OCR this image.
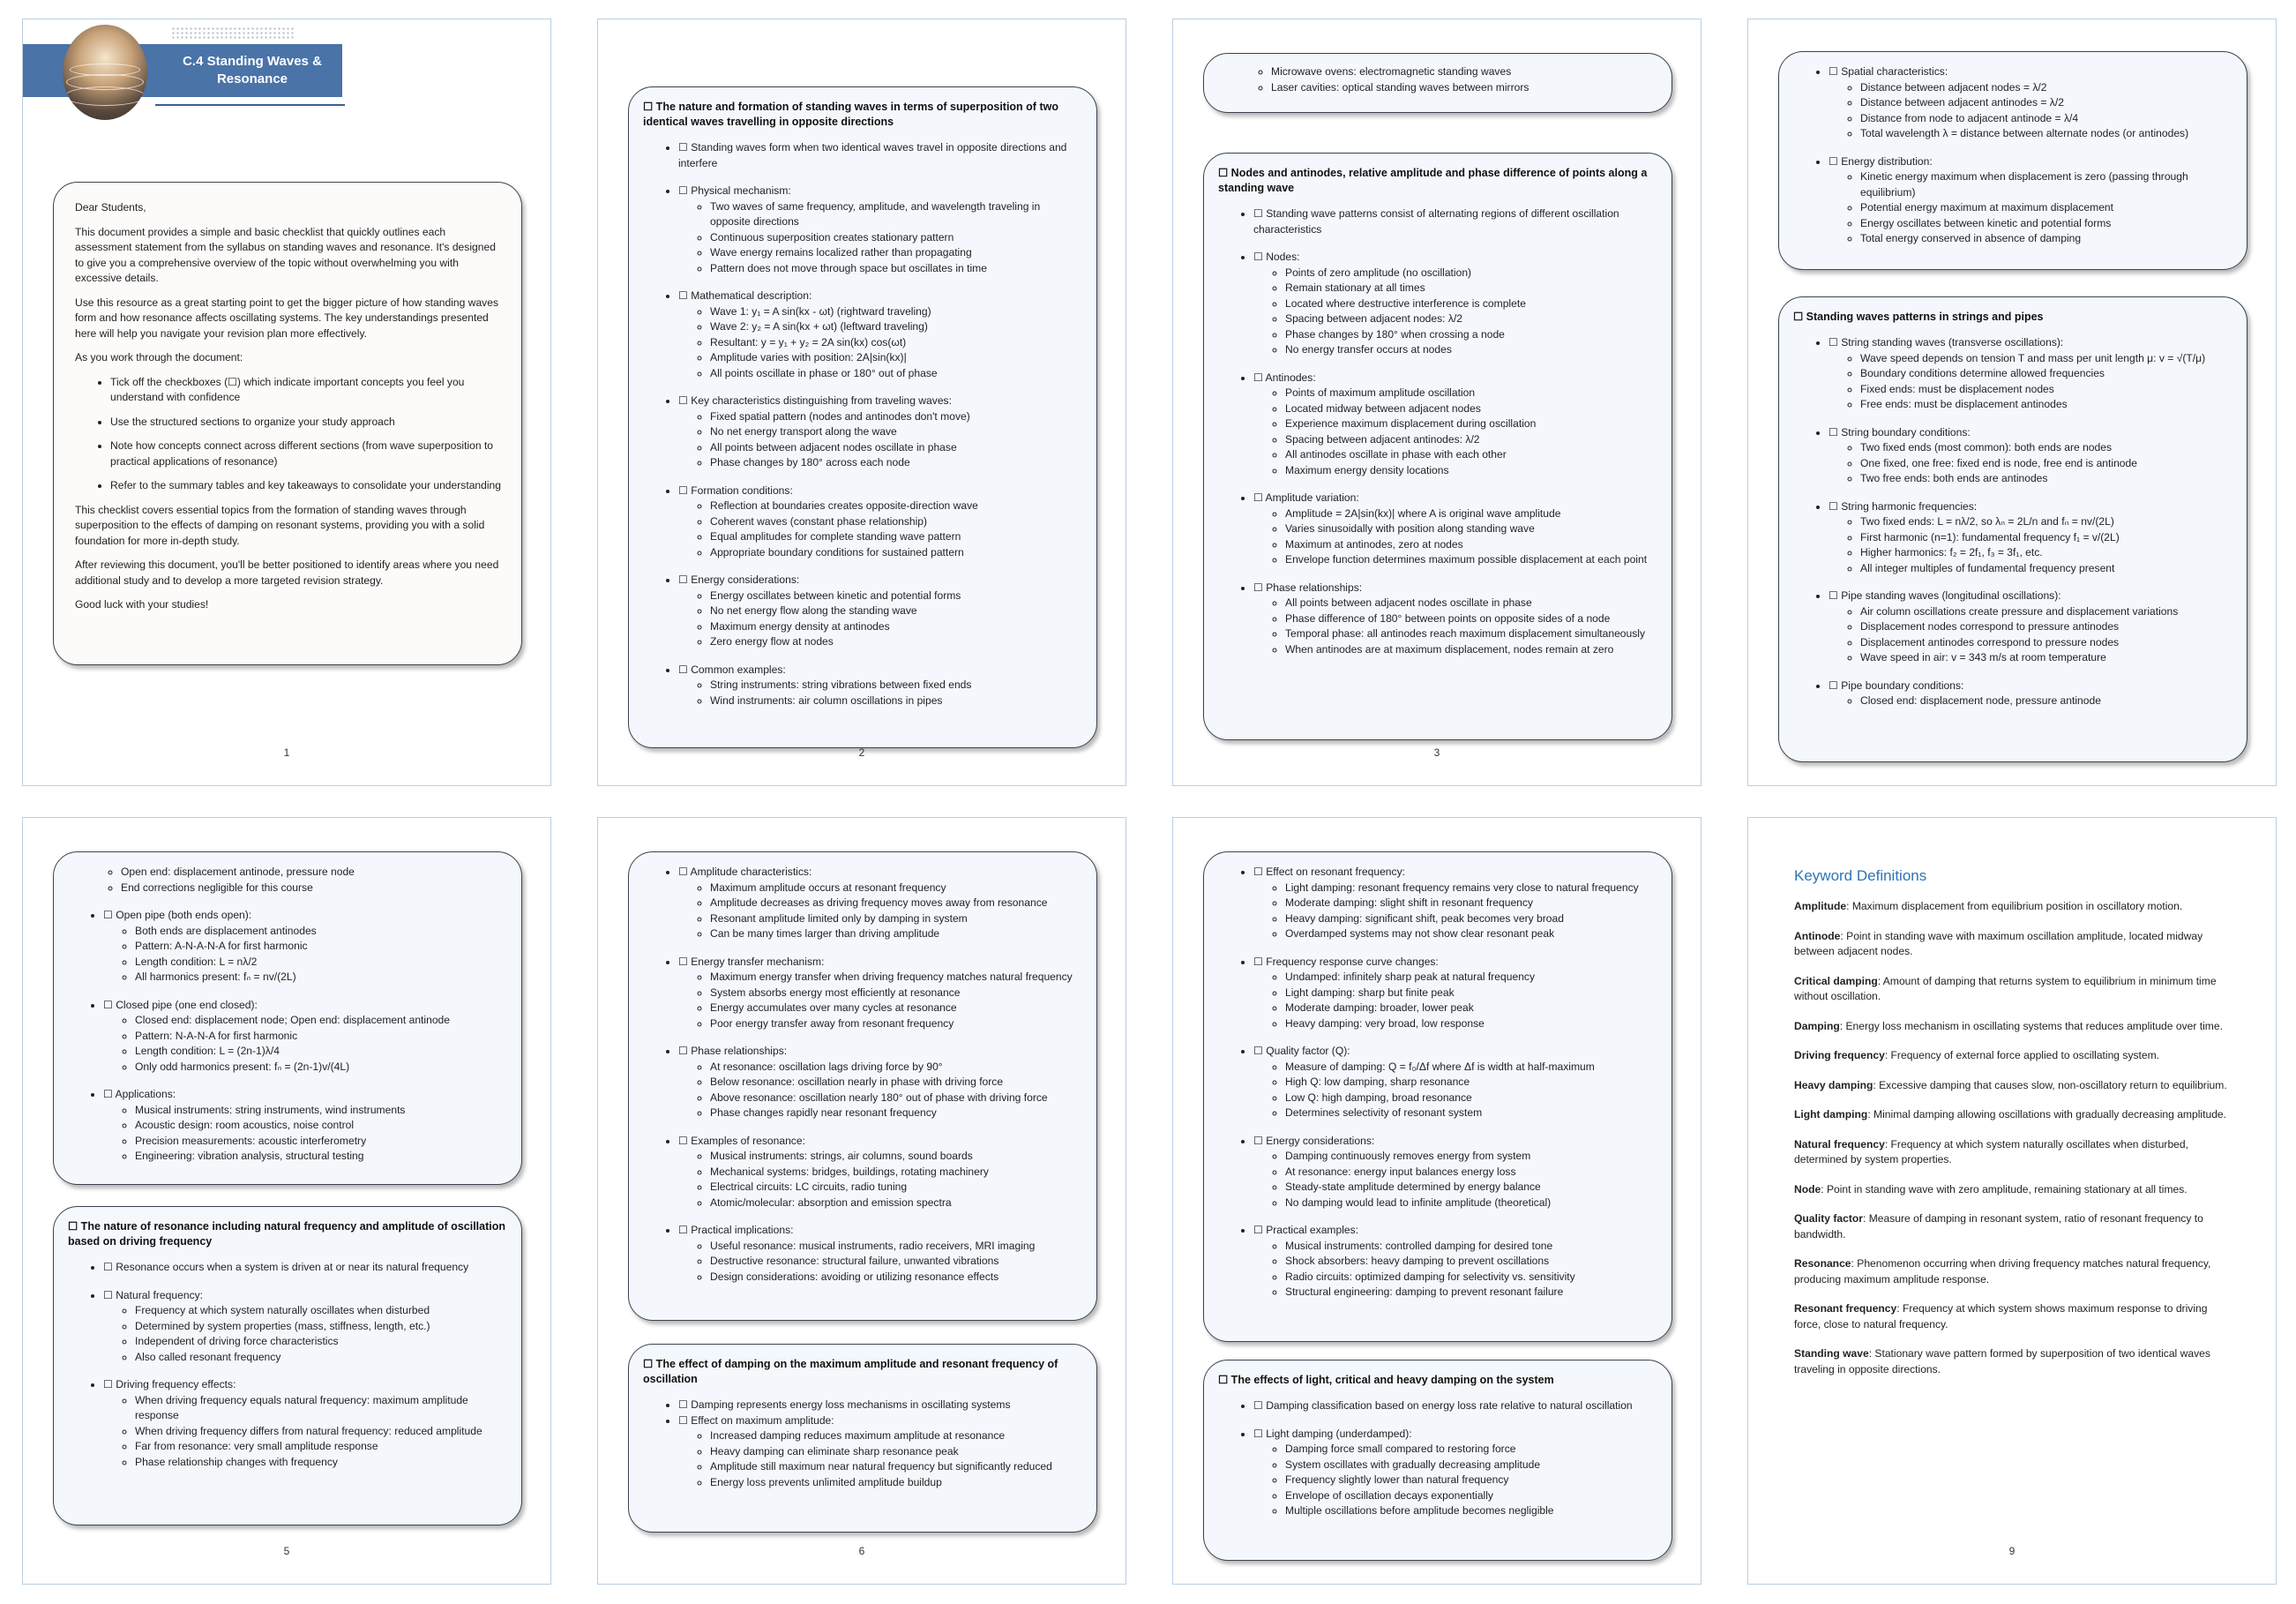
C.4 Standing Waves &
Resonance

Dear Students,

This document provides a simple and basic checklist that quickly outlines each assessment statement from the syllabus on standing waves and resonance. It's designed to give you a comprehensive overview of the topic without overwhelming you with excessive details.

Use this resource as a great starting point to get the bigger picture of how standing waves form and how resonance affects oscillating systems. The key understandings presented here will help you navigate your revision plan more effectively.

As you work through the document:

• Tick off the checkboxes (☐) which indicate important concepts you feel you understand with confidence
• Use the structured sections to organize your study approach
• Note how concepts connect across different sections (from wave superposition to practical applications of resonance)
• Refer to the summary tables and key takeaways to consolidate your understanding

This checklist covers essential topics from the formation of standing waves through superposition to the effects of damping on resonant systems, providing you with a solid foundation for more in-depth study.

After reviewing this document, you'll be better positioned to identify areas where you need additional study and to develop a more targeted revision strategy.

Good luck with your studies!

1
☐ The nature and formation of standing waves in terms of superposition of two identical waves travelling in opposite directions
• ☐ Standing waves form when two identical waves travel in opposite directions and interfere
• ☐ Physical mechanism:
◦ Two waves of same frequency, amplitude, and wavelength traveling in opposite directions
◦ Continuous superposition creates stationary pattern
◦ Wave energy remains localized rather than propagating
◦ Pattern does not move through space but oscillates in time
• ☐ Mathematical description:
◦ Wave 1: y₁ = A sin(kx - ωt) (rightward traveling)
◦ Wave 2: y₂ = A sin(kx + ωt) (leftward traveling)
◦ Resultant: y = y₁ + y₂ = 2A sin(kx) cos(ωt)
◦ Amplitude varies with position: 2A|sin(kx)|
◦ All points oscillate in phase or 180° out of phase
• ☐ Key characteristics distinguishing from traveling waves:
◦ Fixed spatial pattern (nodes and antinodes don't move)
◦ No net energy transport along the wave
◦ All points between adjacent nodes oscillate in phase
◦ Phase changes by 180° across each node
• ☐ Formation conditions:
◦ Reflection at boundaries creates opposite-direction wave
◦ Coherent waves (constant phase relationship)
◦ Equal amplitudes for complete standing wave pattern
◦ Appropriate boundary conditions for sustained pattern
• ☐ Energy considerations:
◦ Energy oscillates between kinetic and potential forms
◦ No net energy flow along the standing wave
◦ Maximum energy density at antinodes
◦ Zero energy flow at nodes
• ☐ Common examples:
◦ String instruments: string vibrations between fixed ends
◦ Wind instruments: air column oscillations in pipes
2
◦ Microwave ovens: electromagnetic standing waves
◦ Laser cavities: optical standing waves between mirrors
☐ Nodes and antinodes, relative amplitude and phase difference of points along a standing wave
• ☐ Standing wave patterns consist of alternating regions of different oscillation characteristics
• ☐ Nodes:
◦ Points of zero amplitude (no oscillation)
◦ Remain stationary at all times
◦ Located where destructive interference is complete
◦ Spacing between adjacent nodes: λ/2
◦ Phase changes by 180° when crossing a node
◦ No energy transfer occurs at nodes
• ☐ Antinodes:
◦ Points of maximum amplitude oscillation
◦ Located midway between adjacent nodes
◦ Experience maximum displacement during oscillation
◦ Spacing between adjacent antinodes: λ/2
◦ All antinodes oscillate in phase with each other
◦ Maximum energy density locations
• ☐ Amplitude variation:
◦ Amplitude = 2A|sin(kx)| where A is original wave amplitude
◦ Varies sinusoidally with position along standing wave
◦ Maximum at antinodes, zero at nodes
◦ Envelope function determines maximum possible displacement at each point
• ☐ Phase relationships:
◦ All points between adjacent nodes oscillate in phase
◦ Phase difference of 180° between points on opposite sides of a node
◦ Temporal phase: all antinodes reach maximum displacement simultaneously
◦ When antinodes are at maximum displacement, nodes remain at zero
3
• ☐ Spatial characteristics:
◦ Distance between adjacent nodes = λ/2
◦ Distance between adjacent antinodes = λ/2
◦ Distance from node to adjacent antinode = λ/4
◦ Total wavelength λ = distance between alternate nodes (or antinodes)
• ☐ Energy distribution:
◦ Kinetic energy maximum when displacement is zero (passing through equilibrium)
◦ Potential energy maximum at maximum displacement
◦ Energy oscillates between kinetic and potential forms
◦ Total energy conserved in absence of damping
☐ Standing waves patterns in strings and pipes
• ☐ String standing waves (transverse oscillations):
◦ Wave speed depends on tension T and mass per unit length μ: v = √(T/μ)
◦ Boundary conditions determine allowed frequencies
◦ Fixed ends: must be displacement nodes
◦ Free ends: must be displacement antinodes
• ☐ String boundary conditions:
◦ Two fixed ends (most common): both ends are nodes
◦ One fixed, one free: fixed end is node, free end is antinode
◦ Two free ends: both ends are antinodes
• ☐ String harmonic frequencies:
◦ Two fixed ends: L = nλ/2, so λₙ = 2L/n and fₙ = nv/(2L)
◦ First harmonic (n=1): fundamental frequency f₁ = v/(2L)
◦ Higher harmonics: f₂ = 2f₁, f₃ = 3f₁, etc.
◦ All integer multiples of fundamental frequency present
• ☐ Pipe standing waves (longitudinal oscillations):
◦ Air column oscillations create pressure and displacement variations
◦ Displacement nodes correspond to pressure antinodes
◦ Displacement antinodes correspond to pressure nodes
◦ Wave speed in air: v = 343 m/s at room temperature
• ☐ Pipe boundary conditions:
◦ Closed end: displacement node, pressure antinode
◦ Open end: displacement antinode, pressure node
◦ End corrections negligible for this course
• ☐ Open pipe (both ends open):
◦ Both ends are displacement antinodes
◦ Pattern: A-N-A-N-A for first harmonic
◦ Length condition: L = nλ/2
◦ All harmonics present: fₙ = nv/(2L)
• ☐ Closed pipe (one end closed):
◦ Closed end: displacement node; Open end: displacement antinode
◦ Pattern: N-A-N-A for first harmonic
◦ Length condition: L = (2n-1)λ/4
◦ Only odd harmonics present: fₙ = (2n-1)v/(4L)
• ☐ Applications:
◦ Musical instruments: string instruments, wind instruments
◦ Acoustic design: room acoustics, noise control
◦ Precision measurements: acoustic interferometry
◦ Engineering: vibration analysis, structural testing
☐ The nature of resonance including natural frequency and amplitude of oscillation based on driving frequency
• ☐ Resonance occurs when a system is driven at or near its natural frequency
• ☐ Natural frequency:
◦ Frequency at which system naturally oscillates when disturbed
◦ Determined by system properties (mass, stiffness, length, etc.)
◦ Independent of driving force characteristics
◦ Also called resonant frequency
• ☐ Driving frequency effects:
◦ When driving frequency equals natural frequency: maximum amplitude response
◦ When driving frequency differs from natural frequency: reduced amplitude
◦ Far from resonance: very small amplitude response
◦ Phase relationship changes with frequency
5
• ☐ Amplitude characteristics:
◦ Maximum amplitude occurs at resonant frequency
◦ Amplitude decreases as driving frequency moves away from resonance
◦ Resonant amplitude limited only by damping in system
◦ Can be many times larger than driving amplitude
• ☐ Energy transfer mechanism:
◦ Maximum energy transfer when driving frequency matches natural frequency
◦ System absorbs energy most efficiently at resonance
◦ Energy accumulates over many cycles at resonance
◦ Poor energy transfer away from resonant frequency
• ☐ Phase relationships:
◦ At resonance: oscillation lags driving force by 90°
◦ Below resonance: oscillation nearly in phase with driving force
◦ Above resonance: oscillation nearly 180° out of phase with driving force
◦ Phase changes rapidly near resonant frequency
• ☐ Examples of resonance:
◦ Musical instruments: strings, air columns, sound boards
◦ Mechanical systems: bridges, buildings, rotating machinery
◦ Electrical circuits: LC circuits, radio tuning
◦ Atomic/molecular: absorption and emission spectra
• ☐ Practical implications:
◦ Useful resonance: musical instruments, radio receivers, MRI imaging
◦ Destructive resonance: structural failure, unwanted vibrations
◦ Design considerations: avoiding or utilizing resonance effects
☐ The effect of damping on the maximum amplitude and resonant frequency of oscillation
• ☐ Damping represents energy loss mechanisms in oscillating systems
• ☐ Effect on maximum amplitude:
◦ Increased damping reduces maximum amplitude at resonance
◦ Heavy damping can eliminate sharp resonance peak
◦ Amplitude still maximum near natural frequency but significantly reduced
◦ Energy loss prevents unlimited amplitude buildup
6
• ☐ Effect on resonant frequency:
◦ Light damping: resonant frequency remains very close to natural frequency
◦ Moderate damping: slight shift in resonant frequency
◦ Heavy damping: significant shift, peak becomes very broad
◦ Overdamped systems may not show clear resonant peak
• ☐ Frequency response curve changes:
◦ Undamped: infinitely sharp peak at natural frequency
◦ Light damping: sharp but finite peak
◦ Moderate damping: broader, lower peak
◦ Heavy damping: very broad, low response
• ☐ Quality factor (Q):
◦ Measure of damping: Q = f₀/Δf where Δf is width at half-maximum
◦ High Q: low damping, sharp resonance
◦ Low Q: high damping, broad resonance
◦ Determines selectivity of resonant system
• ☐ Energy considerations:
◦ Damping continuously removes energy from system
◦ At resonance: energy input balances energy loss
◦ Steady-state amplitude determined by energy balance
◦ No damping would lead to infinite amplitude (theoretical)
• ☐ Practical examples:
◦ Musical instruments: controlled damping for desired tone
◦ Shock absorbers: heavy damping to prevent oscillations
◦ Radio circuits: optimized damping for selectivity vs. sensitivity
◦ Structural engineering: damping to prevent resonant failure
☐ The effects of light, critical and heavy damping on the system
• ☐ Damping classification based on energy loss rate relative to natural oscillation
• ☐ Light damping (underdamped):
◦ Damping force small compared to restoring force
◦ System oscillates with gradually decreasing amplitude
◦ Frequency slightly lower than natural frequency
◦ Envelope of oscillation decays exponentially
◦ Multiple oscillations before amplitude becomes negligible
Keyword Definitions

Amplitude: Maximum displacement from equilibrium position in oscillatory motion.

Antinode: Point in standing wave with maximum oscillation amplitude, located midway between adjacent nodes.

Critical damping: Amount of damping that returns system to equilibrium in minimum time without oscillation.

Damping: Energy loss mechanism in oscillating systems that reduces amplitude over time.

Driving frequency: Frequency of external force applied to oscillating system.

Heavy damping: Excessive damping that causes slow, non-oscillatory return to equilibrium.

Light damping: Minimal damping allowing oscillations with gradually decreasing amplitude.

Natural frequency: Frequency at which system naturally oscillates when disturbed, determined by system properties.

Node: Point in standing wave with zero amplitude, remaining stationary at all times.

Quality factor: Measure of damping in resonant system, ratio of resonant frequency to bandwidth.

Resonance: Phenomenon occurring when driving frequency matches natural frequency, producing maximum amplitude response.

Resonant frequency: Frequency at which system shows maximum response to driving force, close to natural frequency.

Standing wave: Stationary wave pattern formed by superposition of two identical waves traveling in opposite directions.

9
